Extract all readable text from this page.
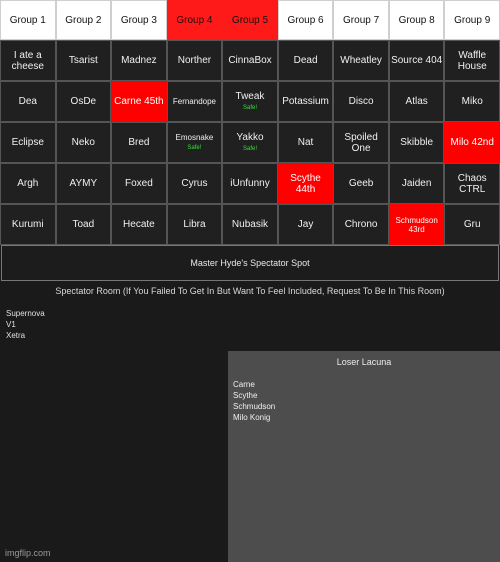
Group 1
I ate a cheese
Dea
Eclipse
Argh
Kurumi
Group 2
Tsarist
OsDe
Neko
AYMY
Toad
Group 3
Madnez
Carne 45th
Bred
Foxed
Hecate
Group 4
Norther
Fernandope
Emosnake
Safe!
Cyrus
Libra
Group 5
CinnaBox
Tweak
Safe!
Yakko
Safe!
iUnfunny
Nubasik
Group 6
Dead
Potassium
Nat
Scythe 44th
Jay
Group 7
Wheatley
Disco
Spoiled One
Geeb
Chrono
Group 8
Source 404
Atlas
Skibble
Jaiden
Schmudson 43rd
Group 9
Waffle House
Miko
Milo 42nd
Chaos CTRL
Gru
Master Hyde's Spectator Spot
Spectator Room (If You Failed To Get In But Want To Feel Included, Request To Be In This Room)
Supernova
V1
Xetra
Loser Lacuna
Carne
Scythe
Schmudson
Milo Konig
imgflip.com
